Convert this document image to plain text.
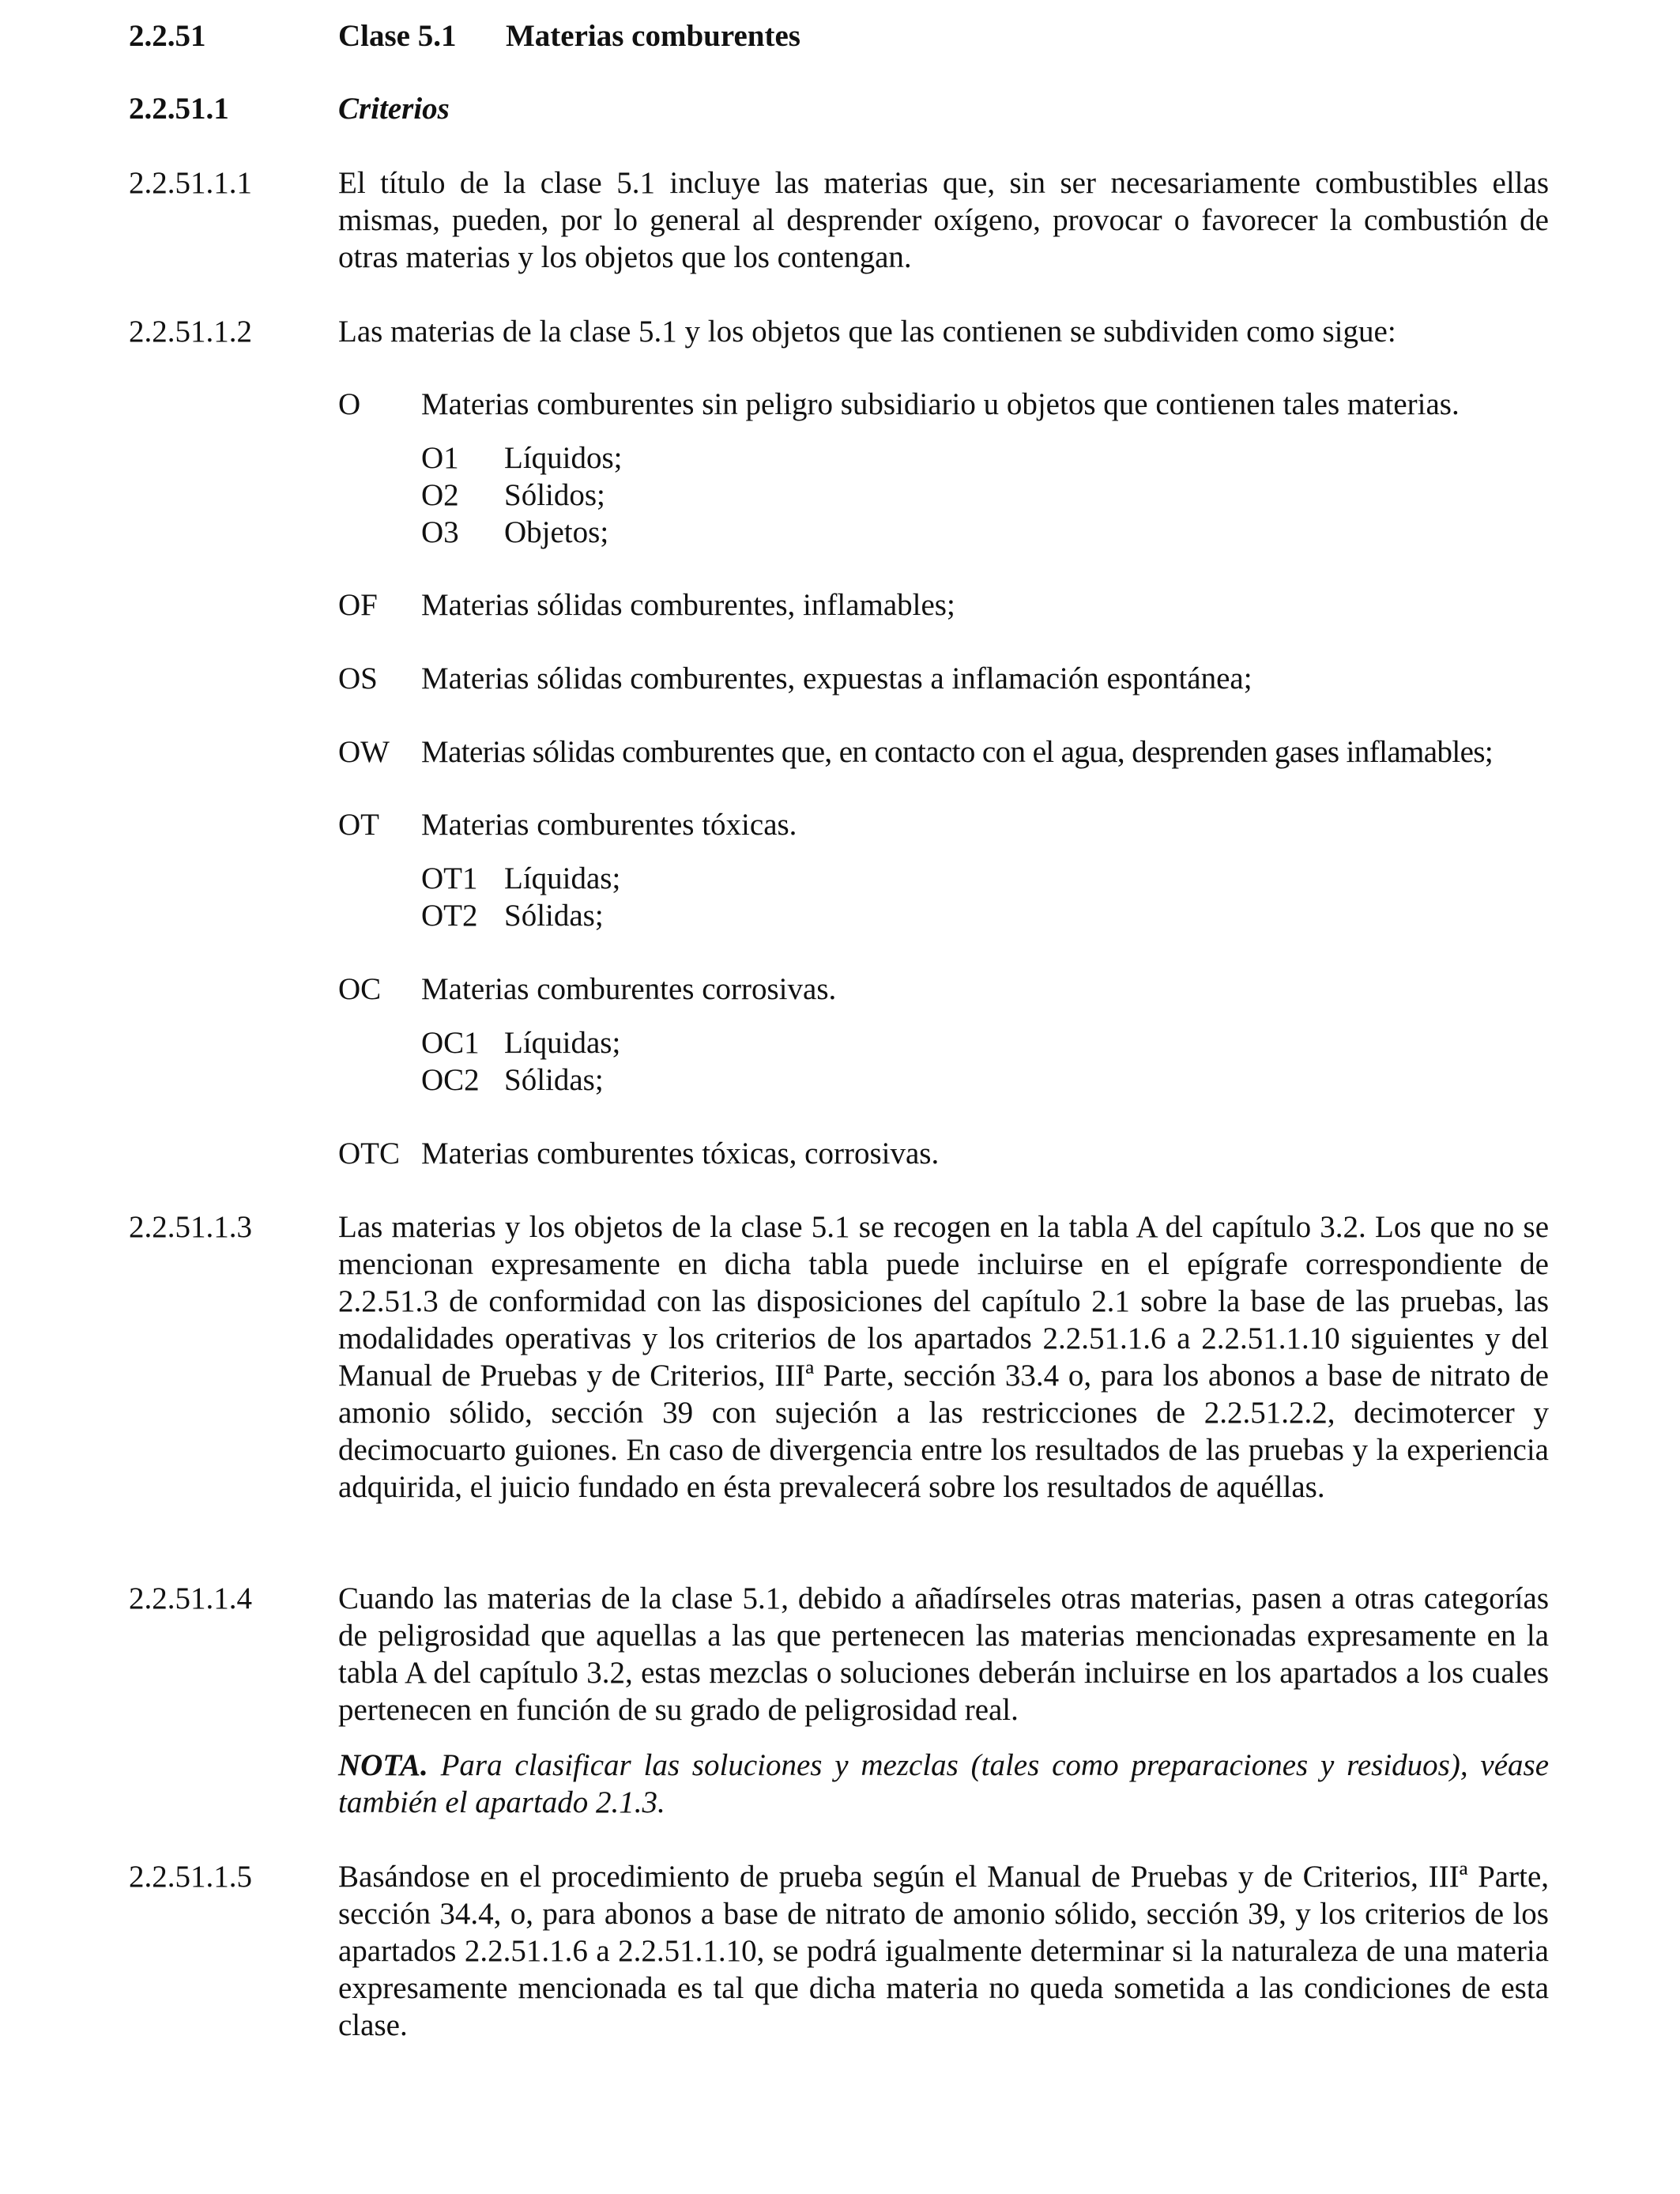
2.2.51	Clase 5.1 Materias comburentes
2.2.51.1	Criterios
2.2.51.1.1	El título de la clase 5.1 incluye las materias que, sin ser necesariamente combustibles ellas mismas, pueden, por lo general al desprender oxígeno, provocar o favorecer la combustión de otras materias y los objetos que los contengan.
2.2.51.1.2	Las materias de la clase 5.1 y los objetos que las contienen se subdividen como sigue:
O Materias comburentes sin peligro subsidiario u objetos que contienen tales materias.
O1 Líquidos;
O2 Sólidos;
O3 Objetos;
OF Materias sólidas comburentes, inflamables;
OS Materias sólidas comburentes, expuestas a inflamación espontánea;
OW Materias sólidas comburentes que, en contacto con el agua, desprenden gases inflamables;
OT Materias comburentes tóxicas.
OT1 Líquidas;
OT2 Sólidas;
OC Materias comburentes corrosivas.
OC1 Líquidas;
OC2 Sólidas;
OTC Materias comburentes tóxicas, corrosivas.
2.2.51.1.3	Las materias y los objetos de la clase 5.1 se recogen en la tabla A del capítulo 3.2. Los que no se mencionan expresamente en dicha tabla puede incluirse en el epígrafe correspondiente de 2.2.51.3 de conformidad con las disposiciones del capítulo 2.1 sobre la base de las pruebas, las modalidades operativas y los criterios de los apartados 2.2.51.1.6 a 2.2.51.1.10 siguientes y del Manual de Pruebas y de Criterios, IIIª Parte, sección 33.4 o, para los abonos a base de nitrato de amonio sólido, sección 39 con sujeción a las restricciones de 2.2.51.2.2, decimotercer y decimocuarto guiones. En caso de divergencia entre los resultados de las pruebas y la experiencia adquirida, el juicio fundado en ésta prevalecerá sobre los resultados de aquéllas.
2.2.51.1.4	Cuando las materias de la clase 5.1, debido a añadírseles otras materias, pasen a otras categorías de peligrosidad que aquellas a las que pertenecen las materias mencionadas expresamente en la tabla A del capítulo 3.2, estas mezclas o soluciones deberán incluirse en los apartados a los cuales pertenecen en función de su grado de peligrosidad real.
NOTA. Para clasificar las soluciones y mezclas (tales como preparaciones y residuos), véase también el apartado 2.1.3.
2.2.51.1.5	Basándose en el procedimiento de prueba según el Manual de Pruebas y de Criterios, IIIª Parte, sección 34.4, o, para abonos a base de nitrato de amonio sólido, sección 39, y los criterios de los apartados 2.2.51.1.6 a 2.2.51.1.10, se podrá igualmente determinar si la naturaleza de una materia expresamente mencionada es tal que dicha materia no queda sometida a las condiciones de esta clase.
